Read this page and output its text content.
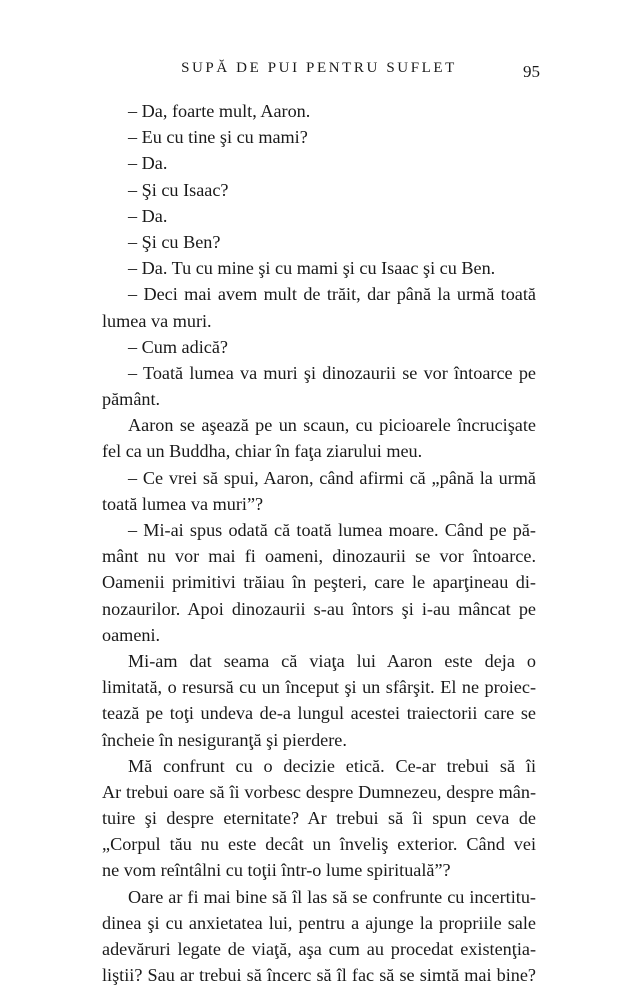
SUPĂ DE PUI PENTRU SUFLET	95
– Da, foarte mult, Aaron.
– Eu cu tine şi cu mami?
– Da.
– Şi cu Isaac?
– Da.
– Şi cu Ben?
– Da. Tu cu mine şi cu mami şi cu Isaac şi cu Ben.
– Deci mai avem mult de trăit, dar până la urmă toată
lumea va muri.
– Cum adică?
– Toată lumea va muri şi dinozaurii se vor întoarce pe
pământ.
Aaron se aşează pe un scaun, cu picioarele încrucişate
fel ca un Buddha, chiar în faţa ziarului meu.
– Ce vrei să spui, Aaron, când afirmi că „până la urmă
toată lumea va muri”?
– Mi-ai spus odată că toată lumea moare. Când pe pă-
mânt nu vor mai fi oameni, dinozaurii se vor întoarce.
Oamenii primitivi trăiau în peşteri, care le aparţineau di-
nozaurilor. Apoi dinozaurii s-au întors şi i-au mâncat pe
oameni.
Mi-am dat seama că viaţa lui Aaron este deja o
limitată, o resursă cu un început şi un sfârşit. El ne proiec-
tează pe toţi undeva de-a lungul acestei traiectorii care se
încheie în nesiguranţă şi pierdere.
Mă confrunt cu o decizie etică. Ce-ar trebui să îi
Ar trebui oare să îi vorbesc despre Dumnezeu, despre mân-
tuire şi despre eternitate? Ar trebui să îi spun ceva de
„Corpul tău nu este decât un înveliş exterior. Când vei
ne vom reîntâlni cu toţii într-o lume spirituală”?
Oare ar fi mai bine să îl las să se confrunte cu incertitu-
dinea şi cu anxietatea lui, pentru a ajunge la propriile sale
adevăruri legate de viaţă, aşa cum au procedat existenţia-
liştii? Sau ar trebui să încerc să îl fac să se simtă mai bine?
